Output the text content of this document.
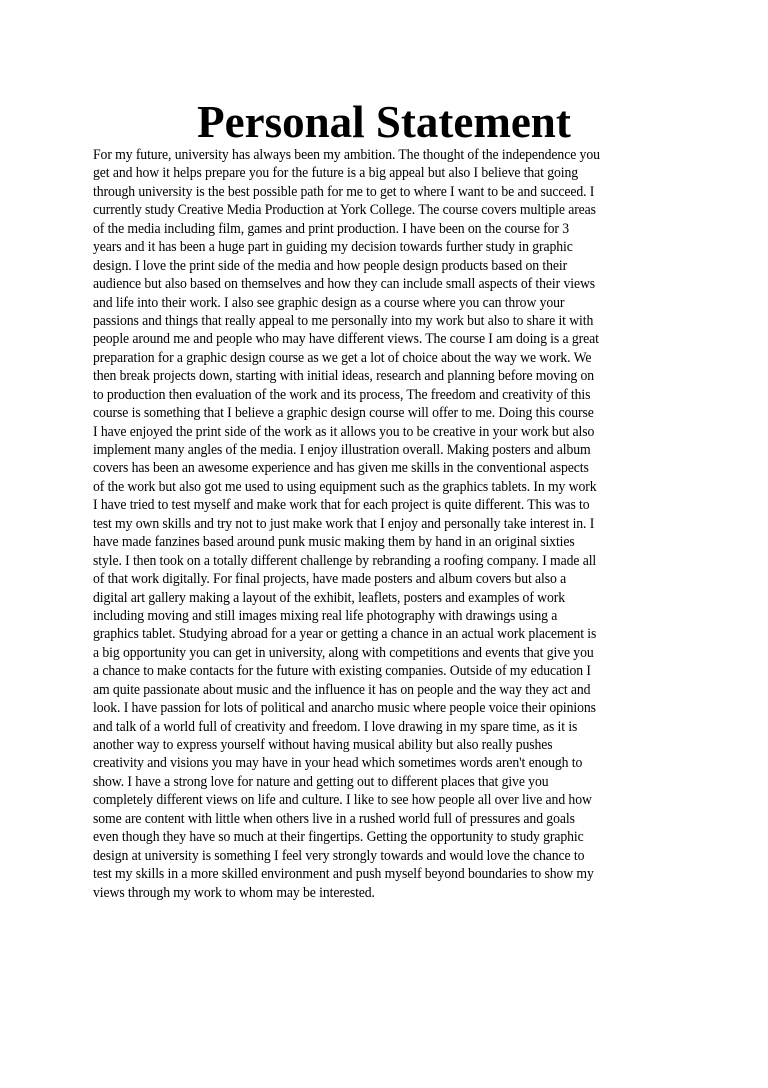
Personal Statement
For my future, university has always been my ambition. The thought of the independence you
get and how it helps prepare you for the future is a big appeal but also I believe that going
through university is the best possible path for me to get to where I want to be and succeed. I
currently study Creative Media Production at York College. The course covers multiple areas
of the media including film, games and print production. I have been on the course for 3
years and it has been a huge part in guiding my decision towards further study in graphic
design. I love the print side of the media and how people design products based on their
audience but also based on themselves and how they can include small aspects of their views
and life into their work. I also see graphic design as a course where you can throw your
passions and things that really appeal to me personally into my work but also to share it with
people around me and people who may have different views. The course I am doing is a great
preparation for a graphic design course as we get a lot of choice about the way we work. We
then break projects down, starting with initial ideas, research and planning before moving on
to production then evaluation of the work and its process, The freedom and creativity of this
course is something that I believe a graphic design course will offer to me. Doing this course
I have enjoyed the print side of the work as it allows you to be creative in your work but also
implement many angles of the media. I enjoy illustration overall. Making posters and album
covers has been an awesome experience and has given me skills in the conventional aspects
of the work but also got me used to using equipment such as the graphics tablets. In my work
I have tried to test myself and make work that for each project is quite different. This was to
test my own skills and try not to just make work that I enjoy and personally take interest in. I
have made fanzines based around punk music making them by hand in an original sixties
style. I then took on a totally different challenge by rebranding a roofing company. I made all
of that work digitally. For final projects, have made posters and album covers but also a
digital art gallery making a layout of the exhibit, leaflets, posters and examples of work
including moving and still images mixing real life photography with drawings using a
graphics tablet. Studying abroad for a year or getting a chance in an actual work placement is
a big opportunity you can get in university, along with competitions and events that give you
a chance to make contacts for the future with existing companies. Outside of my education I
am quite passionate about music and the influence it has on people and the way they act and
look. I have passion for lots of political and anarcho music where people voice their opinions
and talk of a world full of creativity and freedom. I love drawing in my spare time, as it is
another way to express yourself without having musical ability but also really pushes
creativity and visions you may have in your head which sometimes words aren't enough to
show. I have a strong love for nature and getting out to different places that give you
completely different views on life and culture. I like to see how people all over live and how
some are content with little when others live in a rushed world full of pressures and goals
even though they have so much at their fingertips. Getting the opportunity to study graphic
design at university is something I feel very strongly towards and would love the chance to
test my skills in a more skilled environment and push myself beyond boundaries to show my
views through my work to whom may be interested.
